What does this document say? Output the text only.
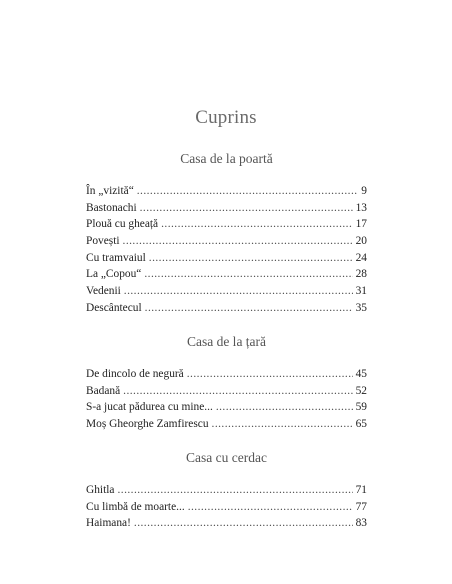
Cuprins
Casa de la poartă
În „vizită“ . . .	9
Bastonachi . . .	13
Plouă cu gheață . . .	17
Povești . . .	20
Cu tramvaiul . . .	24
La „Copou“ . . .	28
Vedenii . . .	31
Descântecul . . .	35
Casa de la țară
De dincolo de negură . . .	45
Badană . . .	52
S-a jucat pădurea cu mine... . . .	59
Moș Gheorghe Zamfirescu . . .	65
Casa cu cerdac
Ghitla . . .	71
Cu limbă de moarte... . . .	77
Haimana! . . .	83
